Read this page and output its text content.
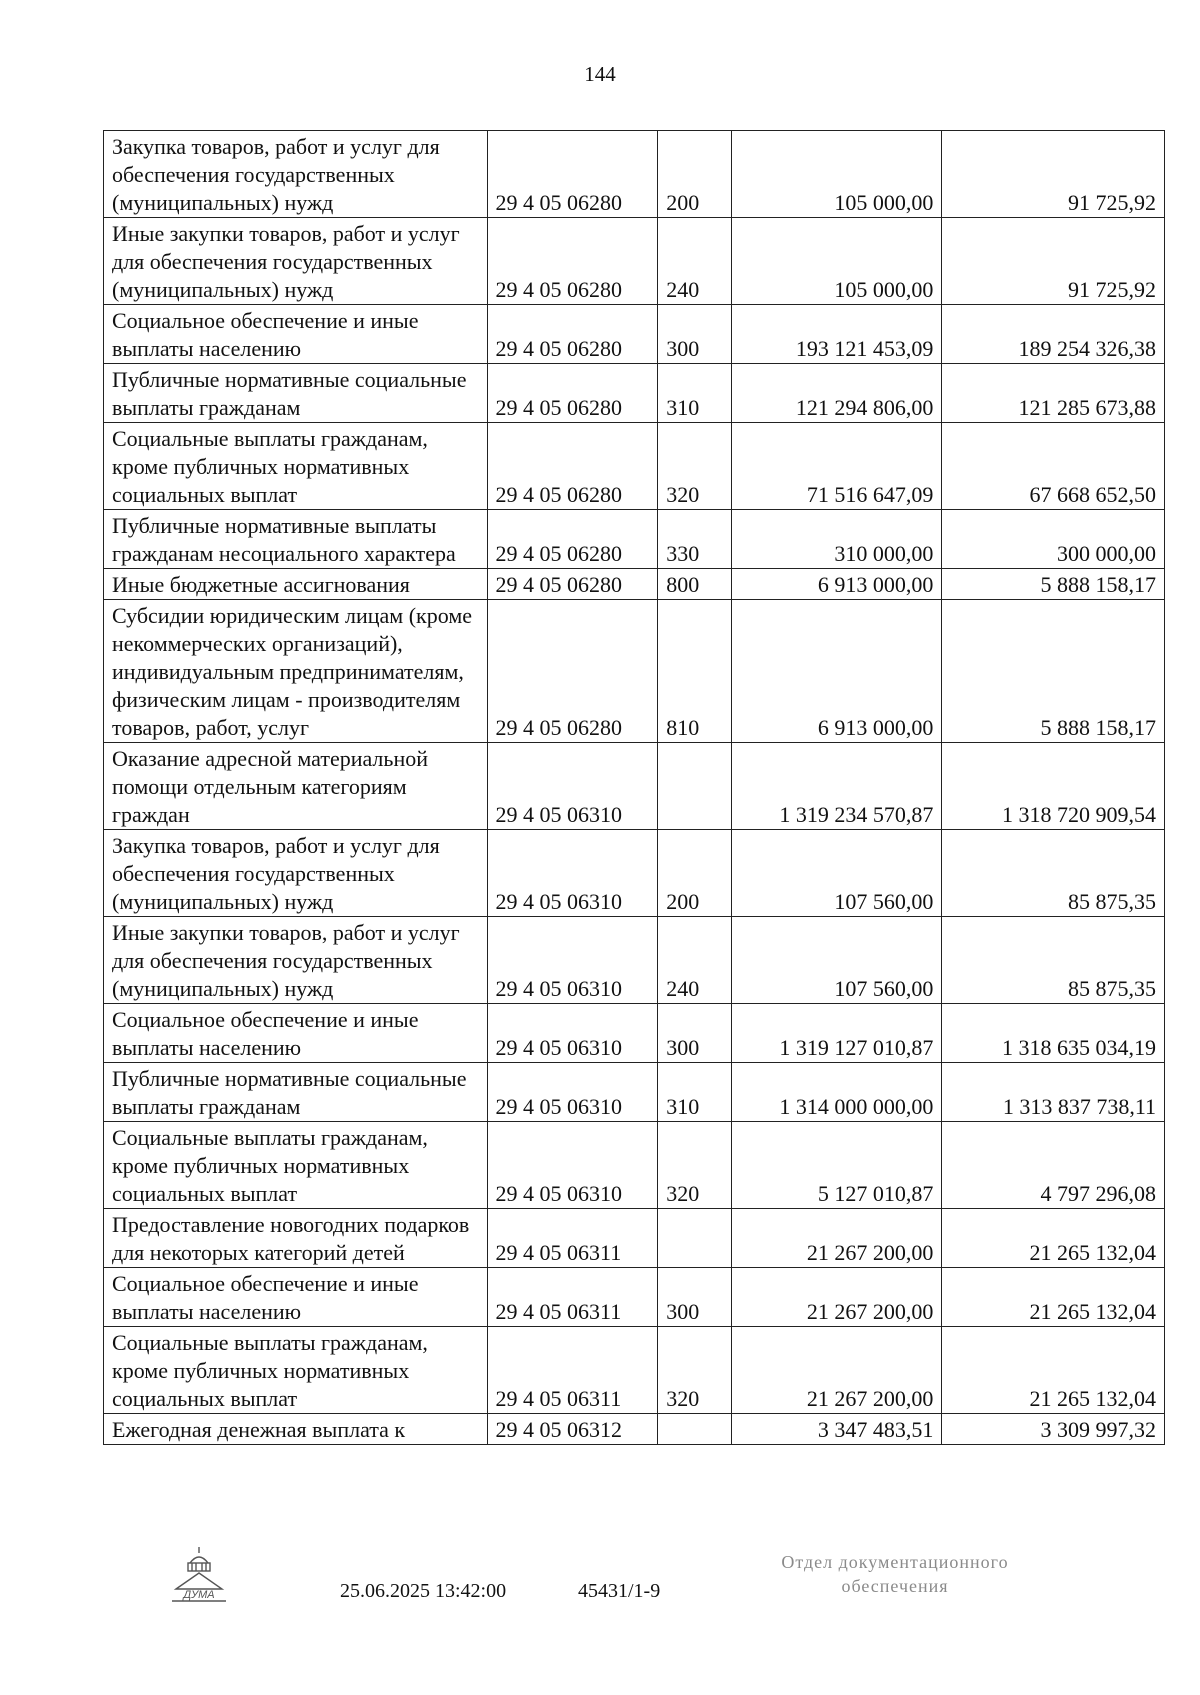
144
Закупка товаров, работ и услуг для обеспечения государственных (муниципальных) нужд	29 4 05 06280	200	105 000,00	91 725,92
Иные закупки товаров, работ и услуг для обеспечения государственных (муниципальных) нужд	29 4 05 06280	240	105 000,00	91 725,92
Социальное обеспечение и иные выплаты населению	29 4 05 06280	300	193 121 453,09	189 254 326,38
Публичные нормативные социальные выплаты гражданам	29 4 05 06280	310	121 294 806,00	121 285 673,88
Социальные выплаты гражданам, кроме публичных нормативных социальных выплат	29 4 05 06280	320	71 516 647,09	67 668 652,50
Публичные нормативные выплаты гражданам несоциального характера	29 4 05 06280	330	310 000,00	300 000,00
Иные бюджетные ассигнования	29 4 05 06280	800	6 913 000,00	5 888 158,17
Субсидии юридическим лицам (кроме некоммерческих организаций), индивидуальным предпринимателям, физическим лицам - производителям товаров, работ, услуг	29 4 05 06280	810	6 913 000,00	5 888 158,17
Оказание адресной материальной помощи отдельным категориям граждан	29 4 05 06310		1 319 234 570,87	1 318 720 909,54
Закупка товаров, работ и услуг для обеспечения государственных (муниципальных) нужд	29 4 05 06310	200	107 560,00	85 875,35
Иные закупки товаров, работ и услуг для обеспечения государственных (муниципальных) нужд	29 4 05 06310	240	107 560,00	85 875,35
Социальное обеспечение и иные выплаты населению	29 4 05 06310	300	1 319 127 010,87	1 318 635 034,19
Публичные нормативные социальные выплаты гражданам	29 4 05 06310	310	1 314 000 000,00	1 313 837 738,11
Социальные выплаты гражданам, кроме публичных нормативных социальных выплат	29 4 05 06310	320	5 127 010,87	4 797 296,08
Предоставление новогодних подарков для некоторых категорий детей	29 4 05 06311		21 267 200,00	21 265 132,04
Социальное обеспечение и иные выплаты населению	29 4 05 06311	300	21 267 200,00	21 265 132,04
Социальные выплаты гражданам, кроме публичных нормативных социальных выплат	29 4 05 06311	320	21 267 200,00	21 265 132,04
Ежегодная денежная выплата к	29 4 05 06312		3 347 483,51	3 309 997,32
ДУМА	25.06.2025 13:42:00	45431/1-9
Отдел документационного
обеспечения
